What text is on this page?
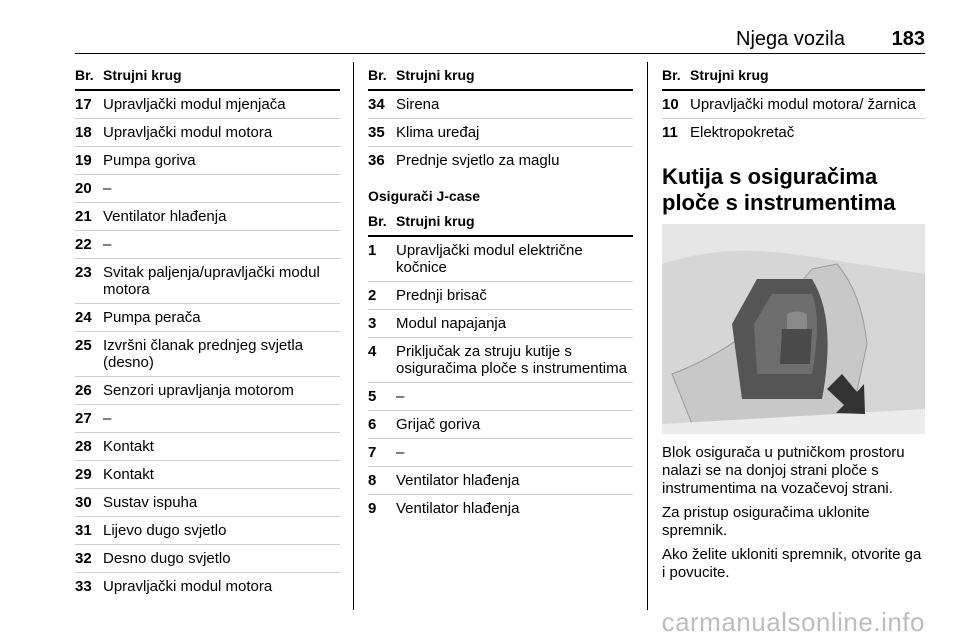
Njega vozila 183
Br. Strujni krug
17 Upravljački modul mjenjača
18 Upravljački modul motora
19 Pumpa goriva
20 –
21 Ventilator hlađenja
22 –
23 Svitak paljenja/upravljački modul motora
24 Pumpa perača
25 Izvršni članak prednjeg svjetla (desno)
26 Senzori upravljanja motorom
27 –
28 Kontakt
29 Kontakt
30 Sustav ispuha
31 Lijevo dugo svjetlo
32 Desno dugo svjetlo
33 Upravljački modul motora
Br. Strujni krug
34 Sirena
35 Klima uređaj
36 Prednje svjetlo za maglu
Osigurači J-case
Br. Strujni krug
1	Upravljački modul električne kočnice
2	Prednji brisač
3	Modul napajanja
4	Priključak za struju kutije s osiguračima ploče s instrumentima
5	–
6	Grijač goriva
7	–
8	Ventilator hlađenja
9	Ventilator hlađenja
Br. Strujni krug
10 Upravljački modul motora/ žarnica
11 Elektropokretač
Kutija s osiguračima ploče s instrumentima
Blok osigurača u putničkom prostoru nalazi se na donjoj strani ploče s instrumentima na vozačevoj strani.
Za pristup osiguračima uklonite spremnik.
Ako želite ukloniti spremnik, otvorite ga i povucite.
carmanualsonline.info
